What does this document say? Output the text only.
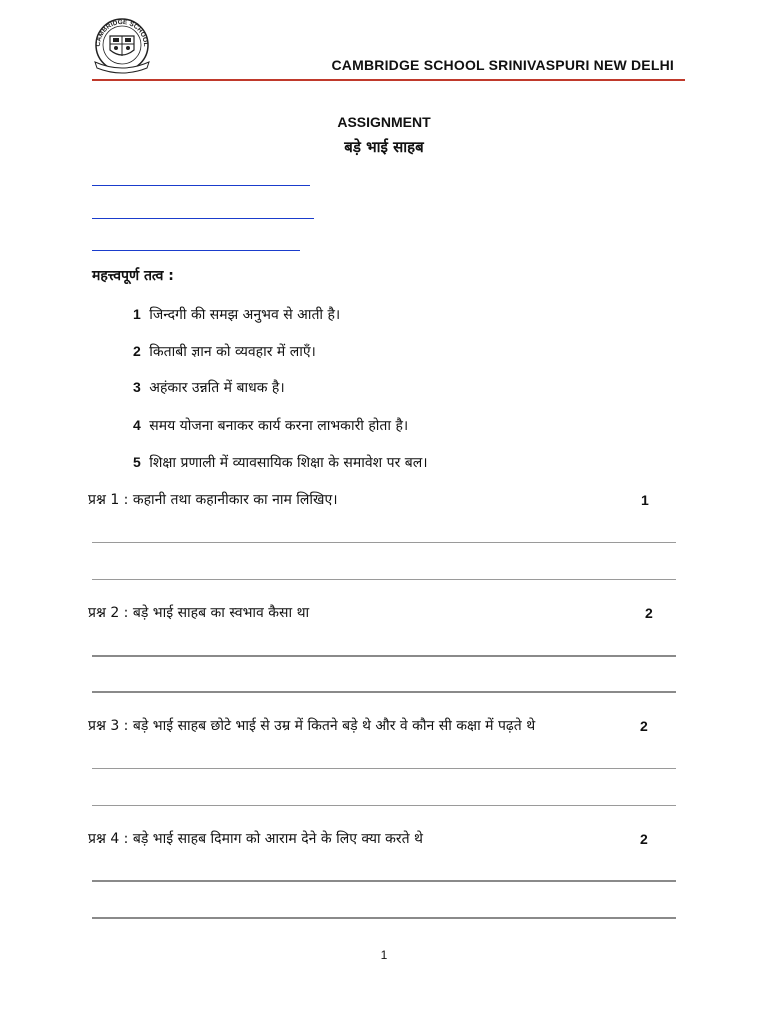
CAMBRIDGE SCHOOL
CAMBRIDGE SCHOOL SRINIVASPURI NEW DELHI
ASSIGNMENT
बड़े भाई साहब
महत्त्वपूर्ण तत्व :
1 जिन्दगी की समझ अनुभव से आती है।
2 किताबी ज्ञान को व्यवहार में लाएँ।
3 अहंकार उन्नति में बाधक है।
4 समय योजना बनाकर कार्य करना लाभकारी होता है।
5 शिक्षा प्रणाली में व्यावसायिक शिक्षा के समावेश पर बल।
प्रश्न 1 : कहानी तथा कहानीकार का नाम लिखिए।	1
प्रश्न 2 : बड़े भाई साहब का स्वभाव कैसा था	2
प्रश्न 3 : बड़े भाई साहब छोटे भाई से उम्र में कितने बड़े थे और वे कौन सी कक्षा में पढ़ते थे	2
प्रश्न 4 : बड़े भाई साहब दिमाग को आराम देने के लिए क्या करते थे	2
1
